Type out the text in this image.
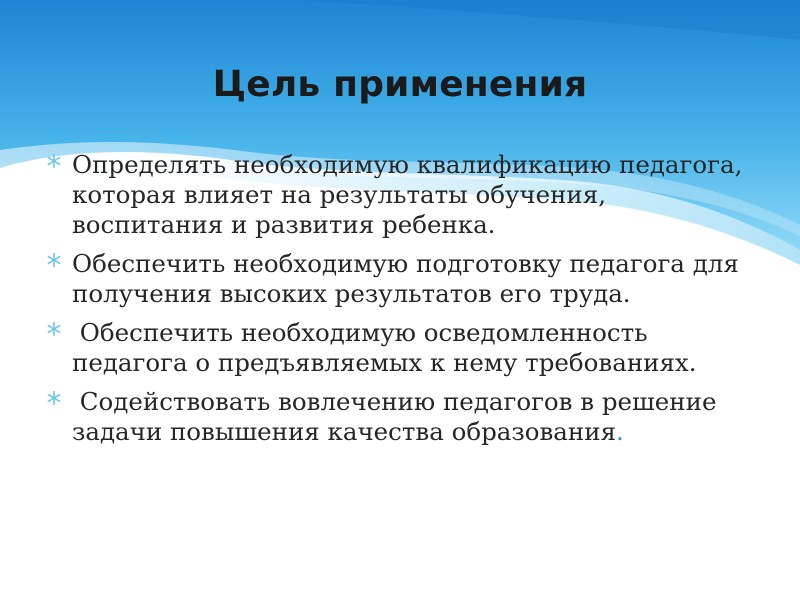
Цель применения
Определять необходимую квалификацию педагога, которая влияет на результаты обучения, воспитания и развития ребенка.
Обеспечить необходимую подготовку педагога для получения высоких результатов его труда.
Обеспечить необходимую осведомленность педагога о предъявляемых к нему требованиях.
Содействовать вовлечению педагогов в решение задачи повышения качества образования.
